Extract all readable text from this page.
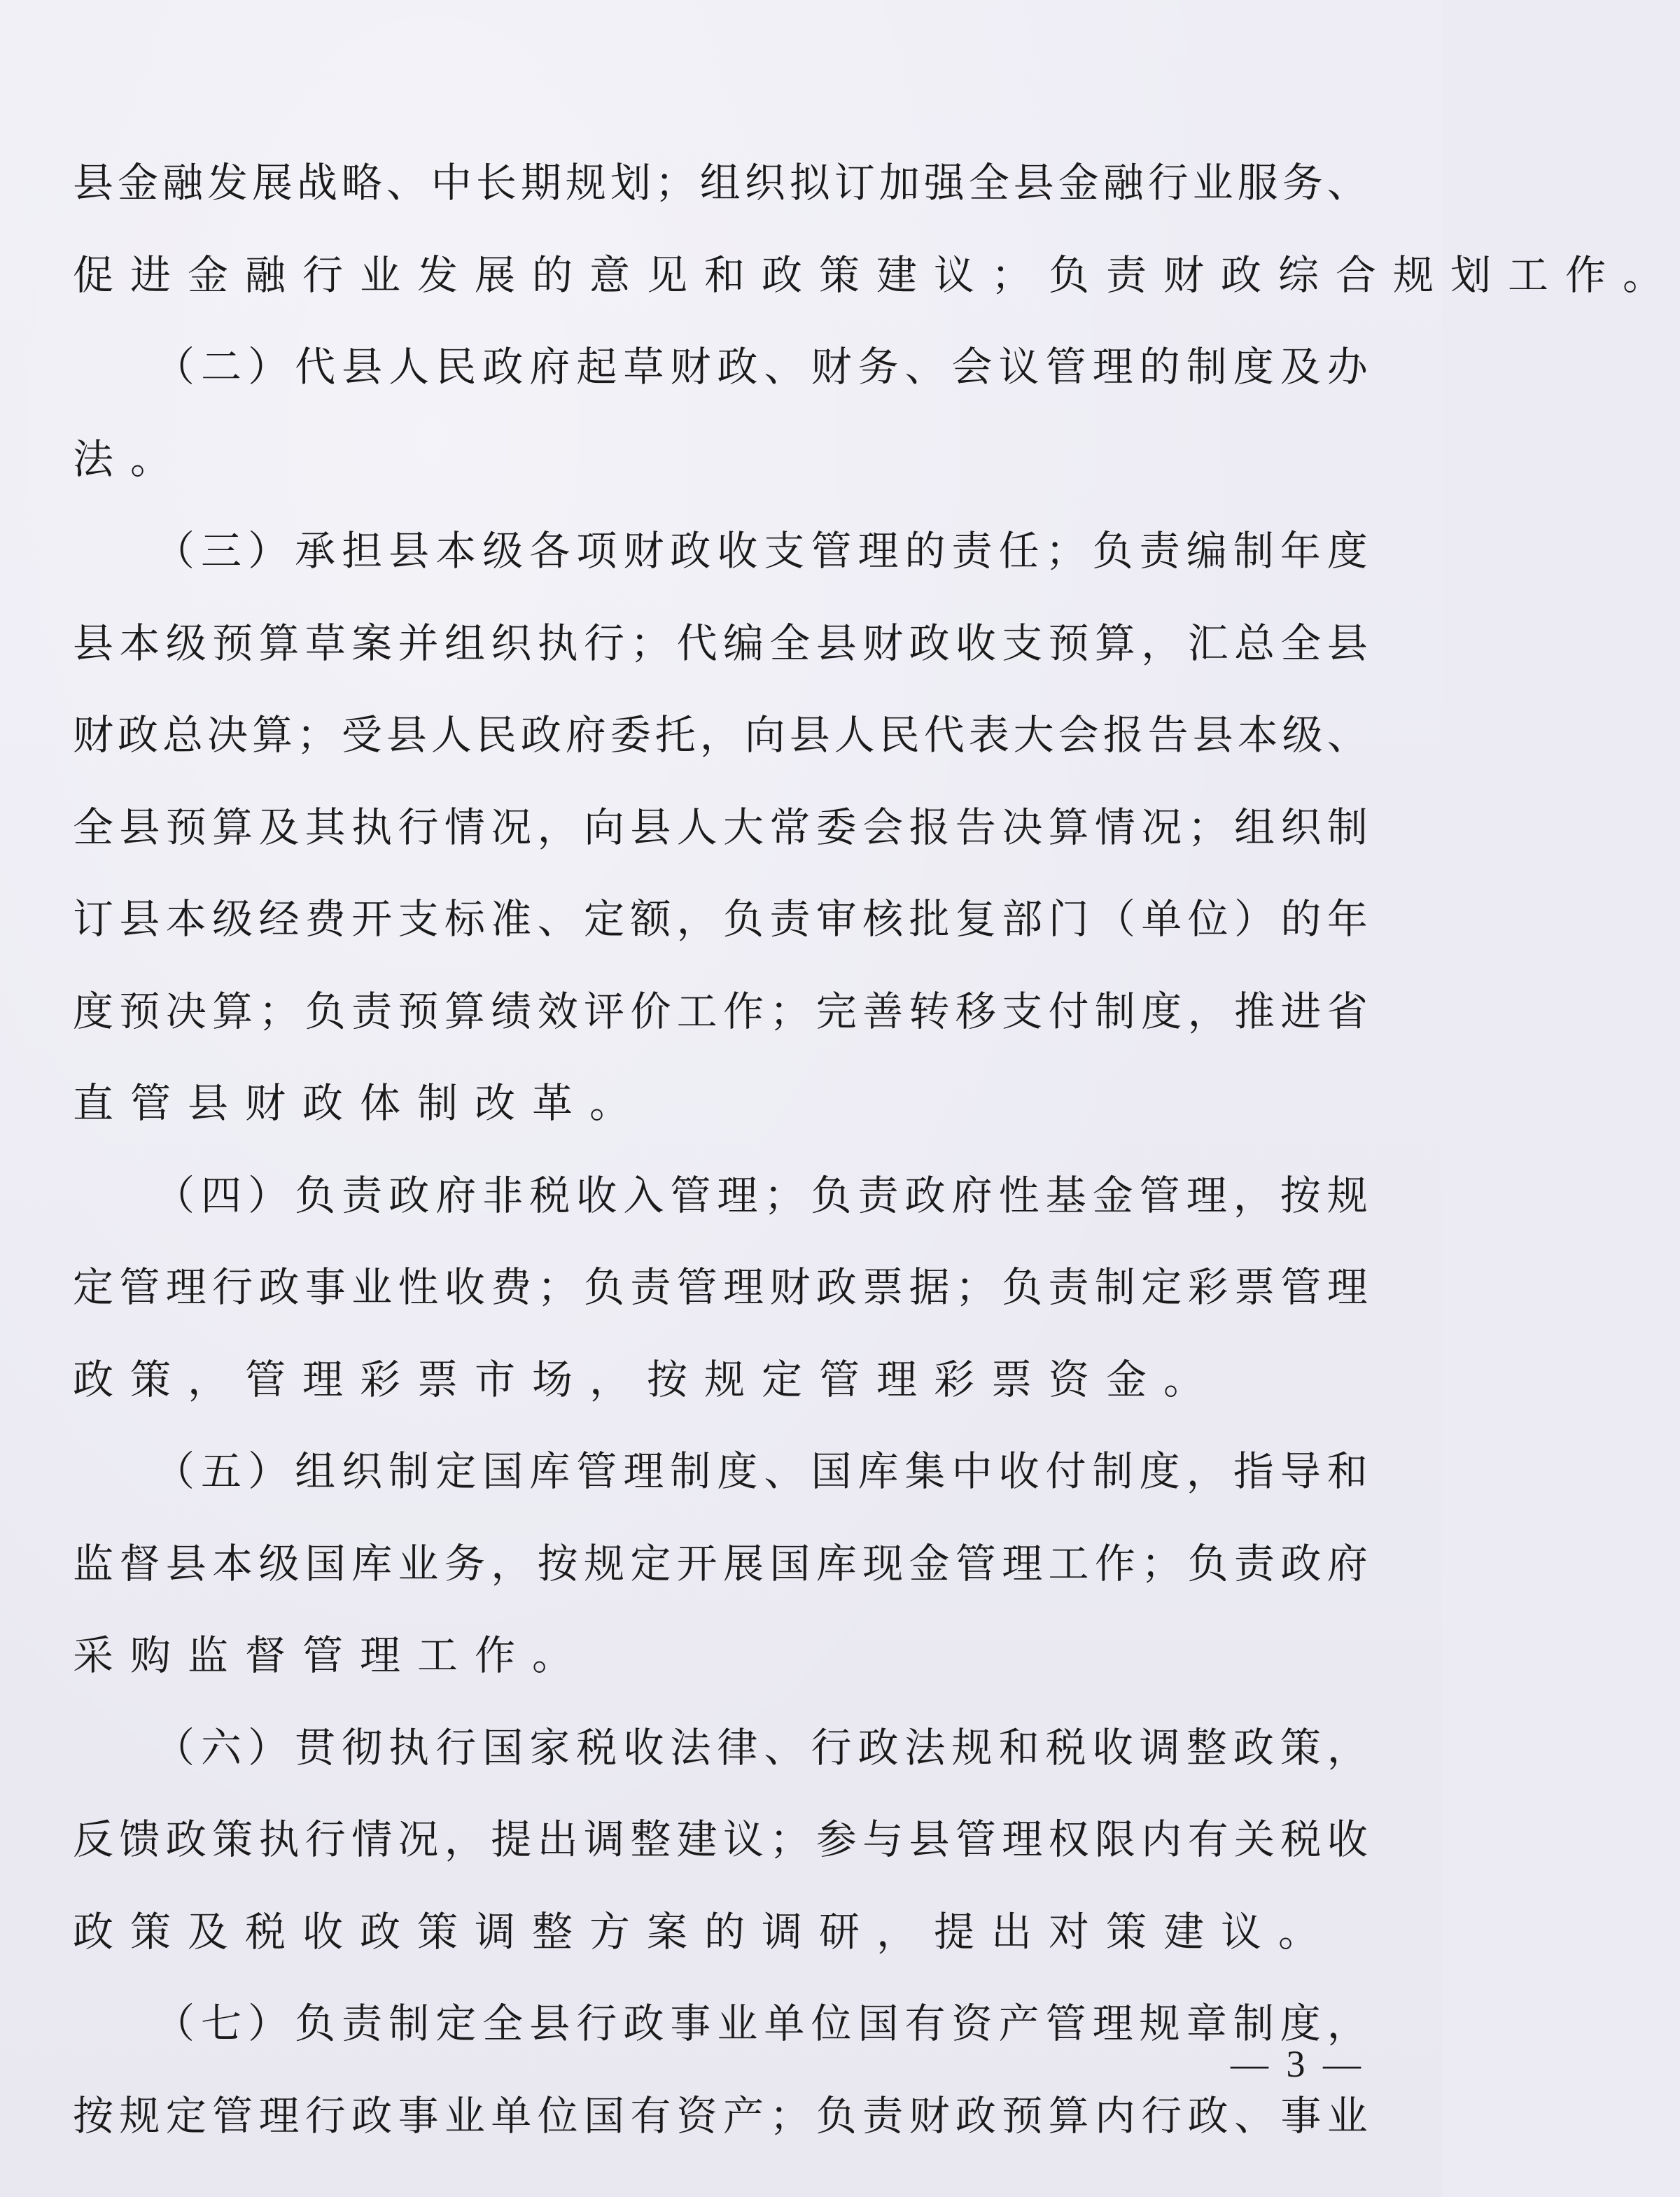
县 金 融 发 展 战 略 、 中 长 期 规 划 ； 组 织 拟 订 加 强 全 县 金 融 行 业 服 务 、
促进金融行业发展的意见和政策建议；负责财政综合规划工作。
（ 二 ） 代 县 人 民 政 府 起 草 财 政 、 财 务 、 会 议 管 理 的 制 度 及 办
法。
（ 三 ） 承 担 县 本 级 各 项 财 政 收 支 管 理 的 责 任 ； 负 责 编 制 年 度
县 本 级 预 算 草 案 并 组 织 执 行 ； 代 编 全 县 财 政 收 支 预 算 ， 汇 总 全 县
财 政 总 决 算 ； 受 县 人 民 政 府 委 托 ， 向 县 人 民 代 表 大 会 报 告 县 本 级 、
全 县 预 算 及 其 执 行 情 况 ， 向 县 人 大 常 委 会 报 告 决 算 情 况 ； 组 织 制
订 县 本 级 经 费 开 支 标 准 、 定 额 ， 负 责 审 核 批 复 部 门 （ 单 位 ） 的 年
度 预 决 算 ； 负 责 预 算 绩 效 评 价 工 作 ； 完 善 转 移 支 付 制 度 ， 推 进 省
直管县财政体制改革。
（ 四 ） 负 责 政 府 非 税 收 入 管 理 ； 负 责 政 府 性 基 金 管 理 ， 按 规
定 管 理 行 政 事 业 性 收 费 ； 负 责 管 理 财 政 票 据 ； 负 责 制 定 彩 票 管 理
政策，管理彩票市场，按规定管理彩票资金。
（ 五 ） 组 织 制 定 国 库 管 理 制 度 、 国 库 集 中 收 付 制 度 ， 指 导 和
监 督 县 本 级 国 库 业 务 ， 按 规 定 开 展 国 库 现 金 管 理 工 作 ； 负 责 政 府
采购监督管理工作。
（ 六 ） 贯 彻 执 行 国 家 税 收 法 律 、 行 政 法 规 和 税 收 调 整 政 策 ，
反 馈 政 策 执 行 情 况 ， 提 出 调 整 建 议 ； 参 与 县 管 理 权 限 内 有 关 税 收
政策及税收政策调整方案的调研，提出对策建议。
（ 七 ） 负 责 制 定 全 县 行 政 事 业 单 位 国 有 资 产 管 理 规 章 制 度 ，
按 规 定 管 理 行 政 事 业 单 位 国 有 资 产 ； 负 责 财 政 预 算 内 行 政 、 事 业
— 3 —
